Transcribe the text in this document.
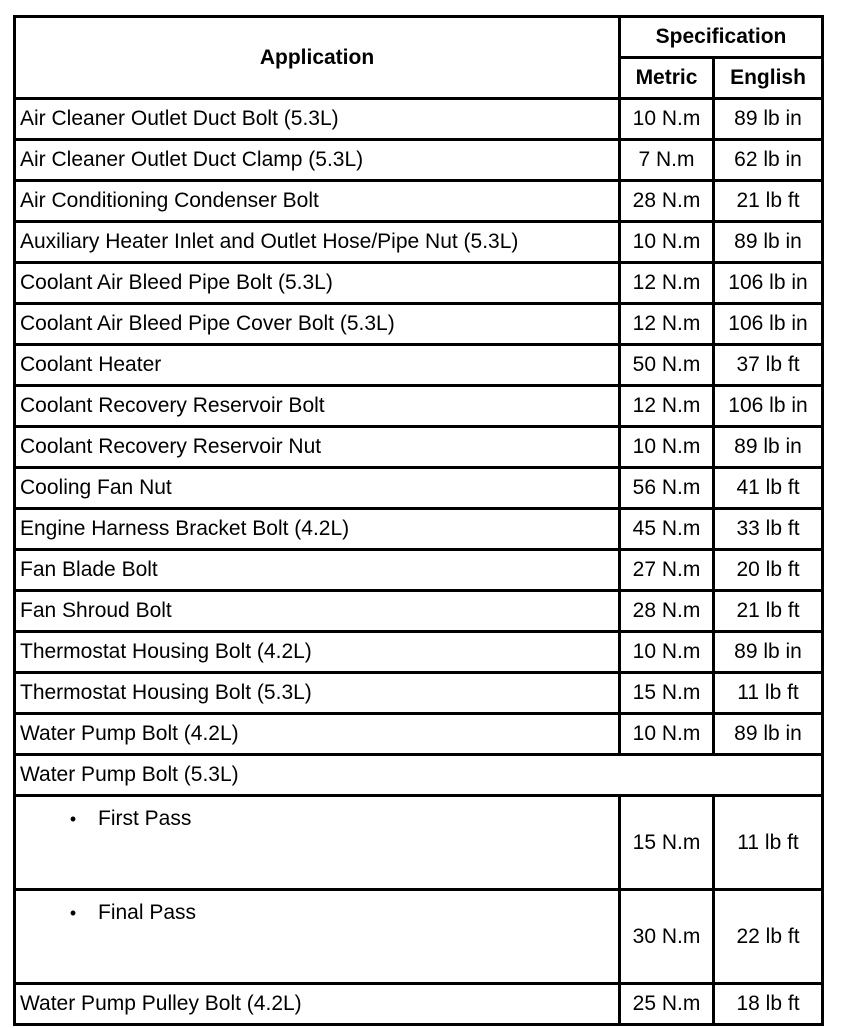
Application	Specification	
	Metric	English
Air Cleaner Outlet Duct Bolt (5.3L)	10 N.m	89 lb in
Air Cleaner Outlet Duct Clamp (5.3L)	7 N.m	62 lb in
Air Conditioning Condenser Bolt	28 N.m	21 lb ft
Auxiliary Heater Inlet and Outlet Hose/Pipe Nut (5.3L)	10 N.m	89 lb in
Coolant Air Bleed Pipe Bolt (5.3L)	12 N.m	106 lb in
Coolant Air Bleed Pipe Cover Bolt (5.3L)	12 N.m	106 lb in
Coolant Heater	50 N.m	37 lb ft
Coolant Recovery Reservoir Bolt	12 N.m	106 lb in
Coolant Recovery Reservoir Nut	10 N.m	89 lb in
Cooling Fan Nut	56 N.m	41 lb ft
Engine Harness Bracket Bolt (4.2L)	45 N.m	33 lb ft
Fan Blade Bolt	27 N.m	20 lb ft
Fan Shroud Bolt	28 N.m	21 lb ft
Thermostat Housing Bolt (4.2L)	10 N.m	89 lb in
Thermostat Housing Bolt (5.3L)	15 N.m	11 lb ft
Water Pump Bolt (4.2L)	10 N.m	89 lb in
Water Pump Bolt (5.3L)		
• First Pass	15 N.m	11 lb ft
• Final Pass	30 N.m	22 lb ft
Water Pump Pulley Bolt (4.2L)	25 N.m	18 lb ft
